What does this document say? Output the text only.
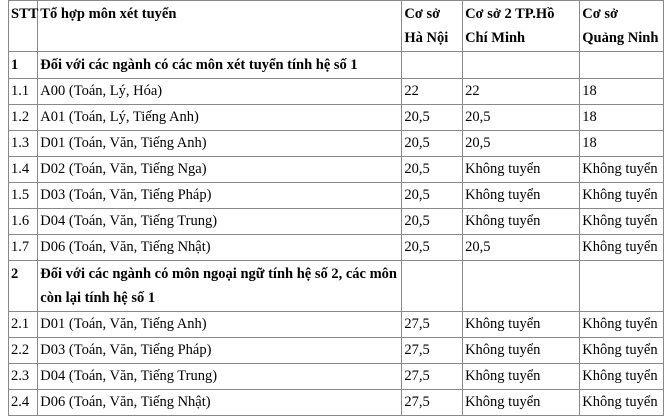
STT	Tổ hợp môn xét tuyển	Cơ sở Hà Nội	Cơ sở 2 TP.Hồ Chí Minh	Cơ sở Quảng Ninh
1	Đối với các ngành có các môn xét tuyển tính hệ số 1			
1.1	A00 (Toán, Lý, Hóa)	22	22	18
1.2	A01 (Toán, Lý, Tiếng Anh)	20,5	20,5	18
1.3	D01 (Toán, Văn, Tiếng Anh)	20,5	20,5	18
1.4	D02 (Toán, Văn, Tiếng Nga)	20,5	Không tuyển	Không tuyển
1.5	D03 (Toán, Văn, Tiếng Pháp)	20,5	Không tuyển	Không tuyển
1.6	D04 (Toán, Văn, Tiếng Trung)	20,5	Không tuyển	Không tuyển
1.7	D06 (Toán, Văn, Tiếng Nhật)	20,5	20,5	Không tuyển
2	Đối với các ngành có môn ngoại ngữ tính hệ số 2, các môn còn lại tính hệ số 1			
2.1	D01 (Toán, Văn, Tiếng Anh)	27,5	Không tuyển	Không tuyển
2.2	D03 (Toán, Văn, Tiếng Pháp)	27,5	Không tuyển	Không tuyển
2.3	D04 (Toán, Văn, Tiếng Trung)	27,5	Không tuyển	Không tuyển
2.4	D06 (Toán, Văn, Tiếng Nhật)	27,5	Không tuyển	Không tuyển
